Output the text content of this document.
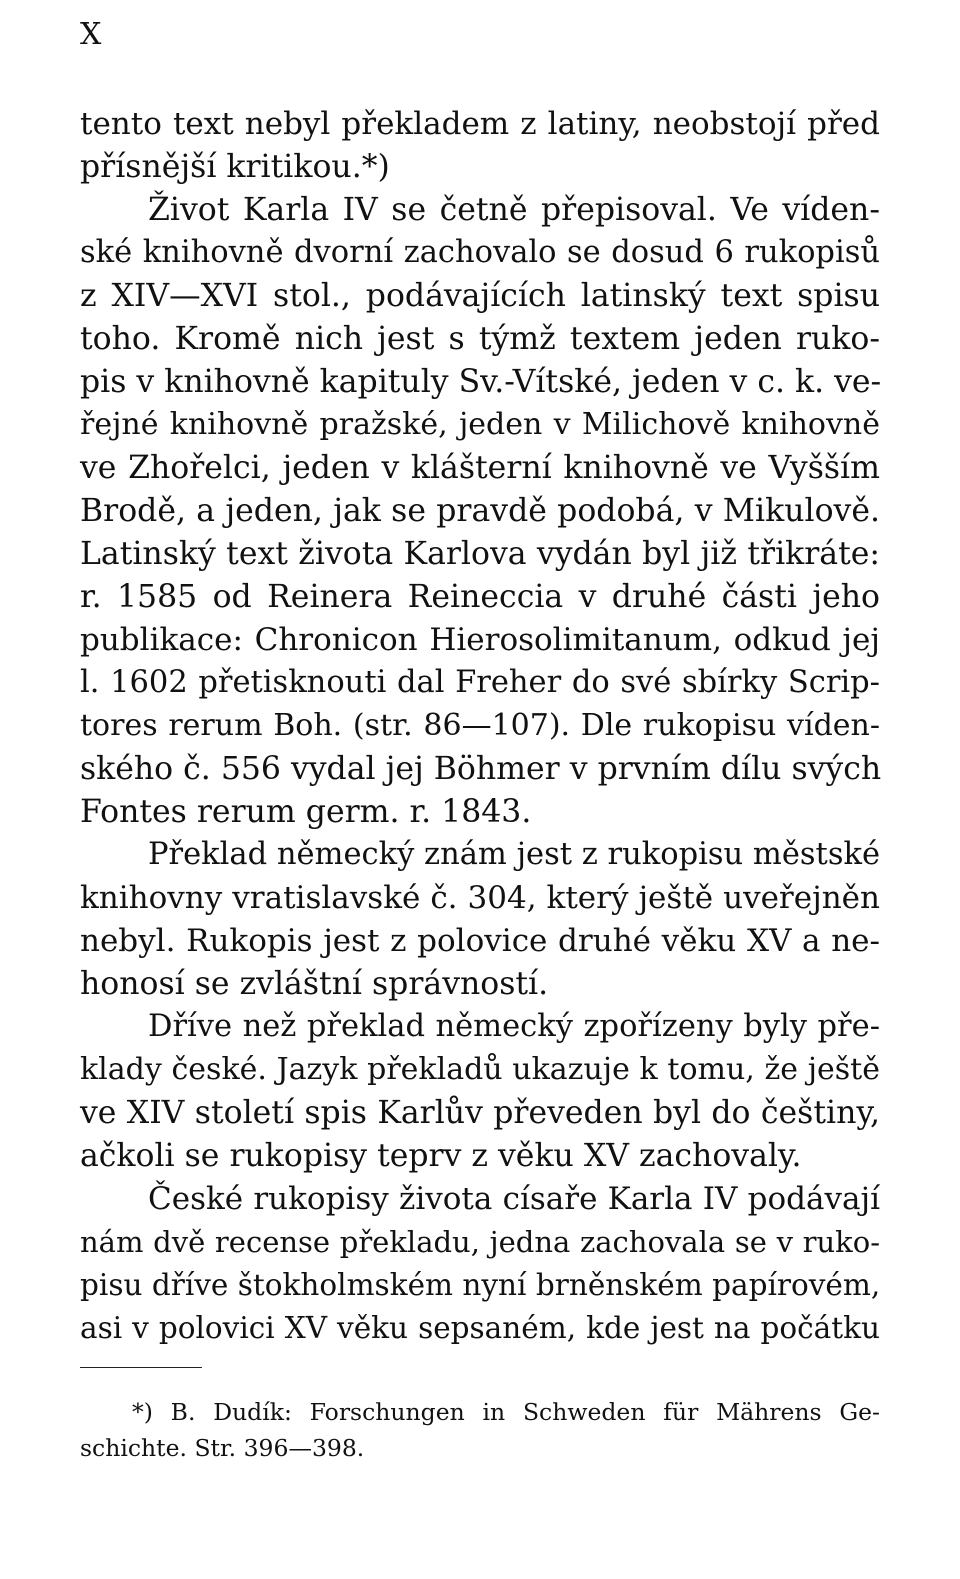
X
tento text nebyl překladem z latiny, neobstojí před
přísnější kritikou.*)
Život Karla IV se četně přepisoval. Ve víden-
ské knihovně dvorní zachovalo se dosud 6 rukopisů
z XIV—XVI stol., podávajících latinský text spisu
toho. Kromě nich jest s týmž textem jeden ruko-
pis v knihovně kapituly Sv.-Vítské, jeden v c. k. ve-
řejné knihovně pražské, jeden v Milichově knihovně
ve Zhořelci, jeden v klášterní knihovně ve Vyšším
Brodě, a jeden, jak se pravdě podobá, v Mikulově.
Latinský text života Karlova vydán byl již třikráte:
r. 1585 od Reinera Reineccia v druhé části jeho
publikace: Chronicon Hierosolimitanum, odkud jej
l. 1602 přetisknouti dal Freher do své sbírky Scrip-
tores rerum Boh. (str. 86—107). Dle rukopisu víden-
ského č. 556 vydal jej Böhmer v prvním dílu svých
Fontes rerum germ. r. 1843.
Překlad německý znám jest z rukopisu městské
knihovny vratislavské č. 304, který ještě uveřejněn
nebyl. Rukopis jest z polovice druhé věku XV a ne-
honosí se zvláštní správností.
Dříve než překlad německý zpořízeny byly pře-
klady české. Jazyk překladů ukazuje k tomu, že ještě
ve XIV století spis Karlův převeden byl do češtiny,
ačkoli se rukopisy teprv z věku XV zachovaly.
České rukopisy života císaře Karla IV podávají
nám dvě recense překladu, jedna zachovala se v ruko-
pisu dříve štokholmském nyní brněnském papírovém,
asi v polovici XV věku sepsaném, kde jest na počátku
*) B. Dudík: Forschungen in Schweden für Mährens Ge-
schichte. Str. 396—398.
